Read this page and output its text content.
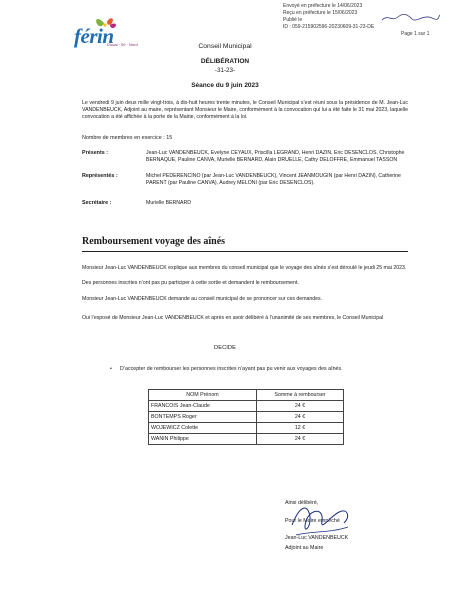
Envoyé en préfecture le 14/06/2023
Reçu en préfecture le 15/06/2023
Publié le
ID : 059-215902596-20230609-31-23-DE
Page 1 sur 1
férin
Douai · 59 · Nord	Conseil Municipal
DÉLIBÉRATION
-31-23-
Séance du 9 juin 2023
Le vendredi 9 juin deux mille vingt-trois, à dix-huit heures trente minutes, le Conseil Municipal s’est réuni sous la présidence de M. Jean-Luc VANDENBEUCK, Adjoint au maire, représentant Monsieur le Maire, conformément à la convocation qui lui a été faite le 31 mai 2023, laquelle convocation a été affichée à la porte de la Mairie, conformément à la loi.
Nombre de membres en exercice : 15
Présents :	Jean-Luc VANDENBEUCK, Evelyne CEYAUX, Priscilla LEGRAND, Henri DAZIN, Eric DESENCLOS, Christophe BERNAQUE, Pauline CANVA, Murielle BERNARD, Alain DRUELLE, Cathy DELOFFRE, Emmanuel TASSON
Représentés :	Michel PEDERENCINO (par Jean-Luc VANDENBEUCK), Vincent JEANMOUGIN (par Henri DAZIN), Catherine PARENT (par Pauline CANVA), Audrey MELONI (par Eric DESENCLOS).
Secrétaire :	Murielle BERNARD
Remboursement voyage des aînés
Monsieur Jean-Luc VANDENBEUCK explique aux membres du conseil municipal que le voyage des aînés s’est déroulé le jeudi 25 mai 2023.
Des personnes inscrites n’ont pas pu participer à cette sortie et demandent le remboursement.
Monsieur Jean-Luc VANDENBEUCK demande au conseil municipal de se prononcer sur ces demandes.
Oui l’exposé de Monsieur Jean-Luc VANDENBEUCK et après en avoir délibéré à l’unanimité de ses membres, le Conseil Municipal
DECIDE
• D’accepter de rembourser les personnes inscrites n’ayant pas pu venir aux voyages des aînés.
NOM Prénom	Somme à rembourser
FRANCOIS Jean-Claude	24 €
BONTEMPS Roger	24 €
WOJEWICZ Colette	12 €
WANIN Philippe	24 €
Ainsi délibéré,
Pour le Maire empêché
Jean-Luc VANDENBEUCK
Adjoint au Maire
